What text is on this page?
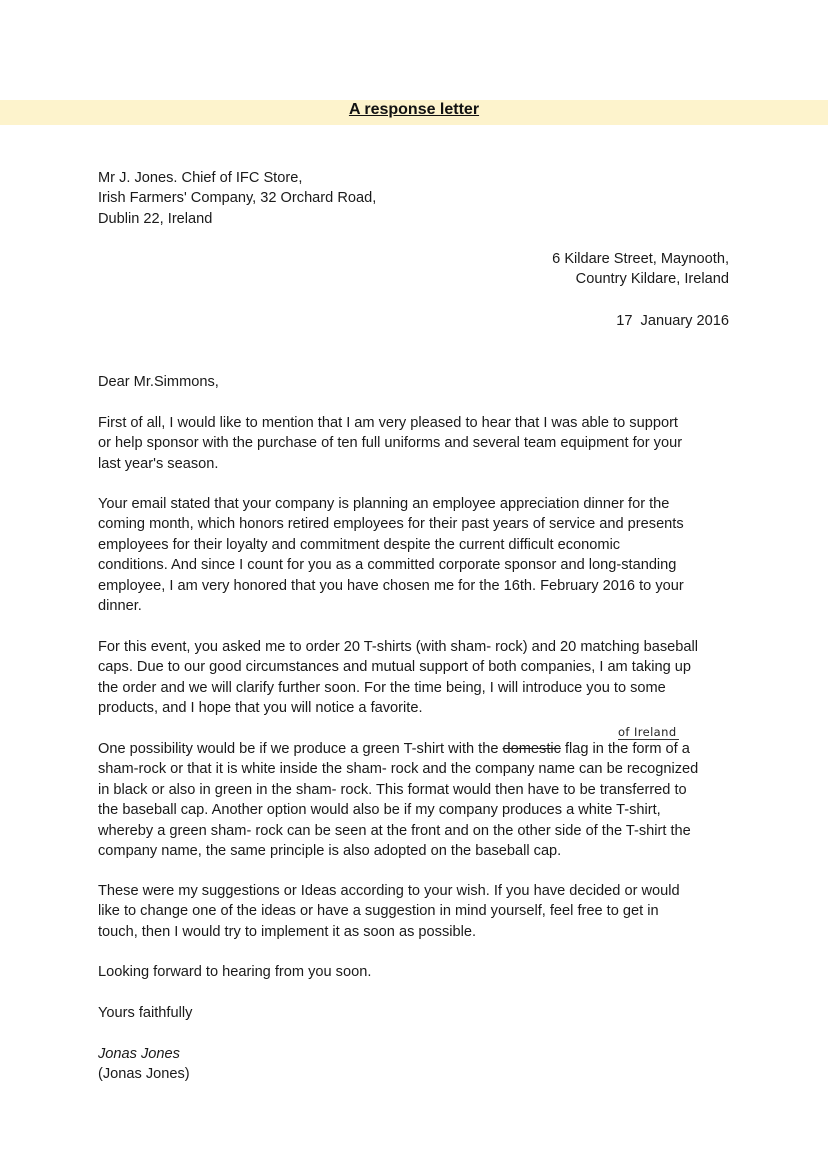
A response letter
Mr J. Jones. Chief of IFC Store,
Irish Farmers' Company, 32 Orchard Road,
Dublin 22, Ireland
6 Kildare Street, Maynooth,
Country Kildare, Ireland
17  January 2016
Dear Mr.Simmons,
First of all, I would like to mention that I am very pleased to hear that I was able to support
or help sponsor with the purchase of ten full uniforms and several team equipment for your
last year's season.
Your email stated that your company is planning an employee appreciation dinner for the
coming month, which honors retired employees for their past years of service and presents
employees for their loyalty and commitment despite the current difficult economic
conditions. And since I count for you as a committed corporate sponsor and long-standing
employee, I am very honored that you have chosen me for the 16th. February 2016 to your
dinner.
For this event, you asked me to order 20 T-shirts (with sham- rock) and 20 matching baseball
caps. Due to our good circumstances and mutual support of both companies, I am taking up
the order and we will clarify further soon. For the time being, I will introduce you to some
products, and I hope that you will notice a favorite.
of Ireland
One possibility would be if we produce a green T-shirt with the domestic flag in the form of a
sham-rock or that it is white inside the sham- rock and the company name can be recognized
in black or also in green in the sham- rock. This format would then have to be transferred to
the baseball cap. Another option would also be if my company produces a white T-shirt,
whereby a green sham- rock can be seen at the front and on the other side of the T-shirt the
company name, the same principle is also adopted on the baseball cap.
These were my suggestions or Ideas according to your wish. If you have decided or would
like to change one of the ideas or have a suggestion in mind yourself, feel free to get in
touch, then I would try to implement it as soon as possible.
Looking forward to hearing from you soon.
Yours faithfully
Jonas Jones
(Jonas Jones)
